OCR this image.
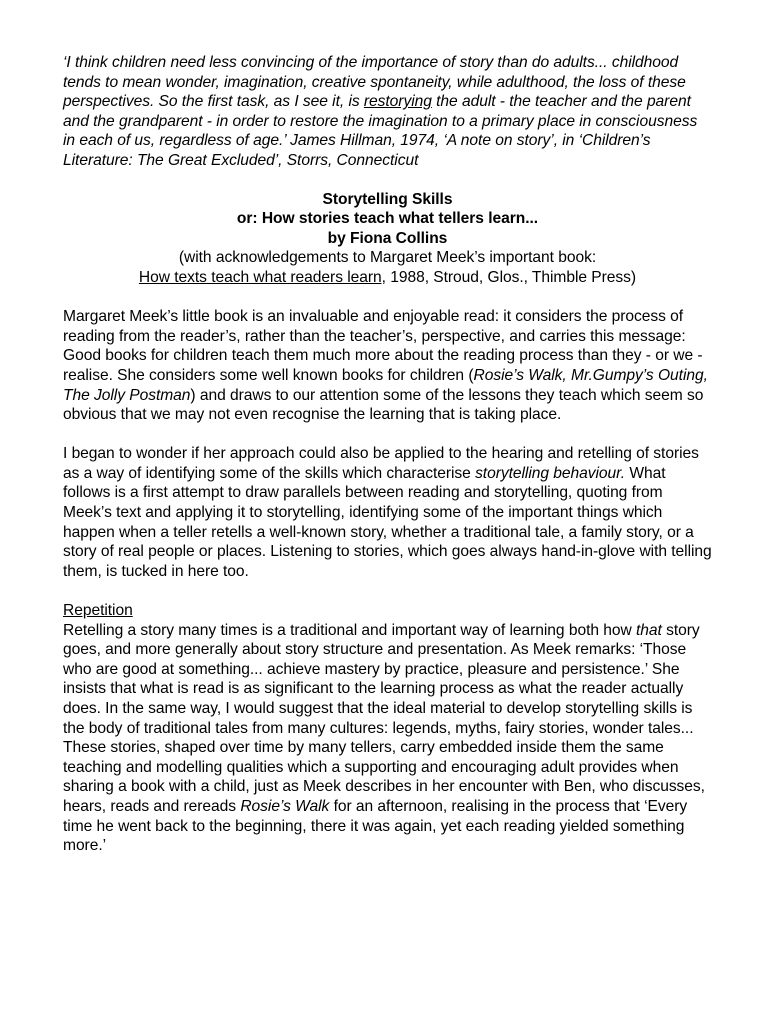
‘I think children need less convincing of the importance of story than do adults... childhood tends to mean wonder, imagination, creative spontaneity, while adulthood, the loss of these perspectives. So the first task, as I see it, is restorying the adult - the teacher and the parent and the grandparent - in order to restore the imagination to a primary place in consciousness in each of us, regardless of age.’ James Hillman, 1974, ‘A note on story’, in ‘Children’s Literature: The Great Excluded’, Storrs, Connecticut

Storytelling Skills
or: How stories teach what tellers learn...
by Fiona Collins
(with acknowledgements to Margaret Meek’s important book:
How texts teach what readers learn, 1988, Stroud, Glos., Thimble Press)

Margaret Meek’s little book is an invaluable and enjoyable read: it considers the process of reading from the reader’s, rather than the teacher’s, perspective, and carries this message: Good books for children teach them much more about the reading process than they - or we - realise. She considers some well known books for children (Rosie’s Walk, Mr.Gumpy’s Outing, The Jolly Postman) and draws to our attention some of the lessons they teach which seem so obvious that we may not even recognise the learning that is taking place.

I began to wonder if her approach could also be applied to the hearing and retelling of stories as a way of identifying some of the skills which characterise storytelling behaviour. What follows is a first attempt to draw parallels between reading and storytelling, quoting from Meek’s text and applying it to storytelling, identifying some of the important things which happen when a teller retells a well-known story, whether a traditional tale, a family story, or a story of real people or places. Listening to stories, which goes always hand-in-glove with telling them, is tucked in here too.

Repetition

Retelling a story many times is a traditional and important way of learning both how that story goes, and more generally about story structure and presentation. As Meek remarks: ‘Those who are good at something... achieve mastery by practice, pleasure and persistence.’ She insists that what is read is as significant to the learning process as what the reader actually does. In the same way, I would suggest that the ideal material to develop storytelling skills is the body of traditional tales from many cultures: legends, myths, fairy stories, wonder tales... These stories, shaped over time by many tellers, carry embedded inside them the same teaching and modelling qualities which a supporting and encouraging adult provides when sharing a book with a child, just as Meek describes in her encounter with Ben, who discusses, hears, reads and rereads Rosie’s Walk for an afternoon, realising in the process that ‘Every time he went back to the beginning, there it was again, yet each reading yielded something more.’
